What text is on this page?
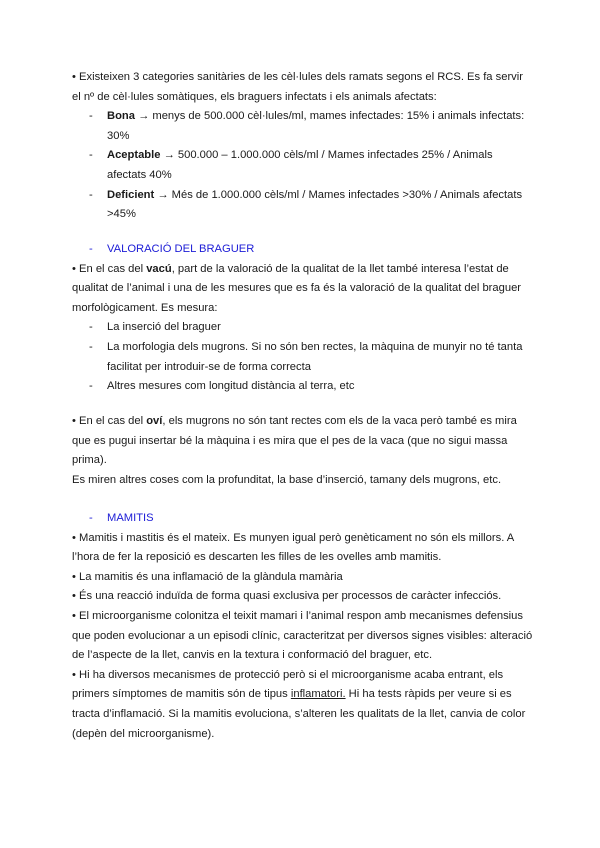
• Existeixen 3 categories sanitàries de les cèl·lules dels ramats segons el RCS. Es fa servir el nº de cèl·lules somàtiques, els braguers infectats i els animals afectats:

- Bona → menys de 500.000 cèl·lules/ml, mames infectades: 15% i animals infectats: 30%

- Aceptable → 500.000 – 1.000.000 cèls/ml / Mames infectades 25% / Animals afectats 40%

- Deficient → Més de 1.000.000 cèls/ml / Mames infectades >30% / Animals afectats >45%

- VALORACIÓ DEL BRAGUER

• En el cas del vacú, part de la valoració de la qualitat de la llet també interesa l’estat de qualitat de l’animal i una de les mesures que es fa és la valoració de la qualitat del braguer morfològicament. Es mesura:

- La inserció del braguer

- La morfologia dels mugrons. Si no són ben rectes, la màquina de munyir no té tanta facilitat per introduir-se de forma correcta

- Altres mesures com longitud distància al terra, etc

• En el cas del oví, els mugrons no són tant rectes com els de la vaca però també es mira que es pugui insertar bé la màquina i es mira que el pes de la vaca (que no sigui massa prima).

Es miren altres coses com la profunditat, la base d’inserció, tamany dels mugrons, etc.

- MAMITIS

• Mamitis i mastitis és el mateix. Es munyen igual però genèticament no són els millors. A l’hora de fer la reposició es descarten les filles de les ovelles amb mamitis.

• La mamitis és una inflamació de la glàndula mamària

• És una reacció induïda de forma quasi exclusiva per processos de caràcter infecciós.

• El microorganisme colonitza el teixit mamari i l’animal respon amb mecanismes defensius que poden evolucionar a un episodi clínic, caracteritzat per diversos signes visibles: alteració de l’aspecte de la llet, canvis en la textura i conformació del braguer, etc.

• Hi ha diversos mecanismes de protecció però si el microorganisme acaba entrant, els primers símptomes de mamitis són de tipus inflamatori. Hi ha tests ràpids per veure si es tracta d’inflamació. Si la mamitis evoluciona, s’alteren les qualitats de la llet, canvia de color (depèn del microorganisme).
